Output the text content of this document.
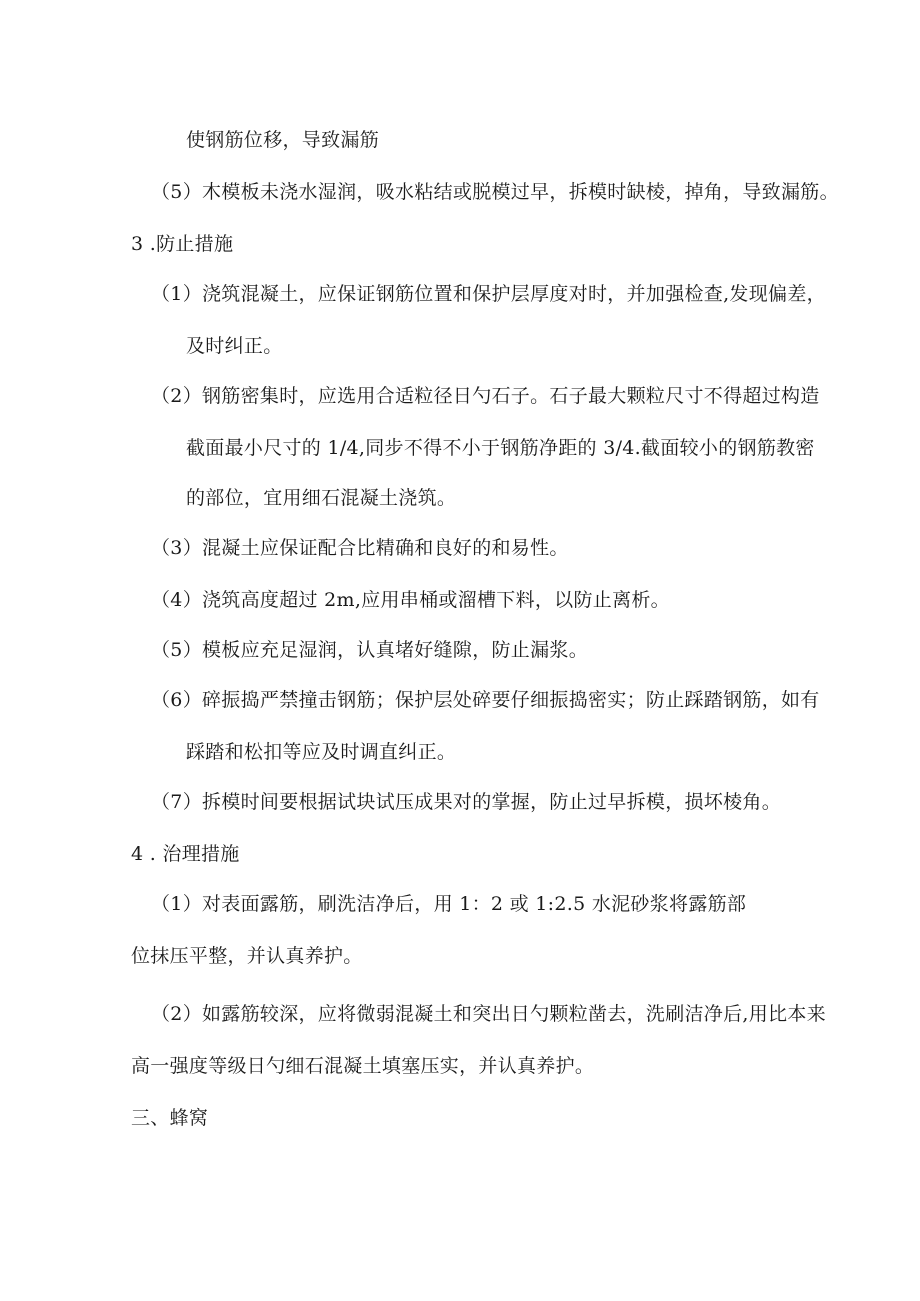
使钢筋位移，导致漏筋
（5）木模板未浇水湿润，吸水粘结或脱模过早，拆模时缺棱，掉角，导致漏筋。
3 .防止措施
（1）浇筑混凝土，应保证钢筋位置和保护层厚度对时，并加强检查,发现偏差，
及时纠正。
（2）钢筋密集时，应选用合适粒径日勺石子。石子最大颗粒尺寸不得超过构造
截面最小尺寸的 1/4,同步不得不小于钢筋净距的 3/4.截面较小的钢筋教密
的部位，宜用细石混凝土浇筑。
（3）混凝土应保证配合比精确和良好的和易性。
（4）浇筑高度超过 2m,应用串桶或溜槽下料，以防止离析。
（5）模板应充足湿润，认真堵好缝隙，防止漏浆。
（6）碎振捣严禁撞击钢筋；保护层处碎要仔细振捣密实；防止踩踏钢筋，如有
踩踏和松扣等应及时调直纠正。
（7）拆模时间要根据试块试压成果对的掌握，防止过早拆模，损坏棱角。
4 . 治理措施
（1）对表面露筋，刷洗洁净后，用 1：2 或 1:2.5 水泥砂浆将露筋部
位抹压平整，并认真养护。
（2）如露筋较深，应将微弱混凝土和突出日勺颗粒凿去，洗刷洁净后,用比本来
高一强度等级日勺细石混凝土填塞压实，并认真养护。
三、蜂窝
